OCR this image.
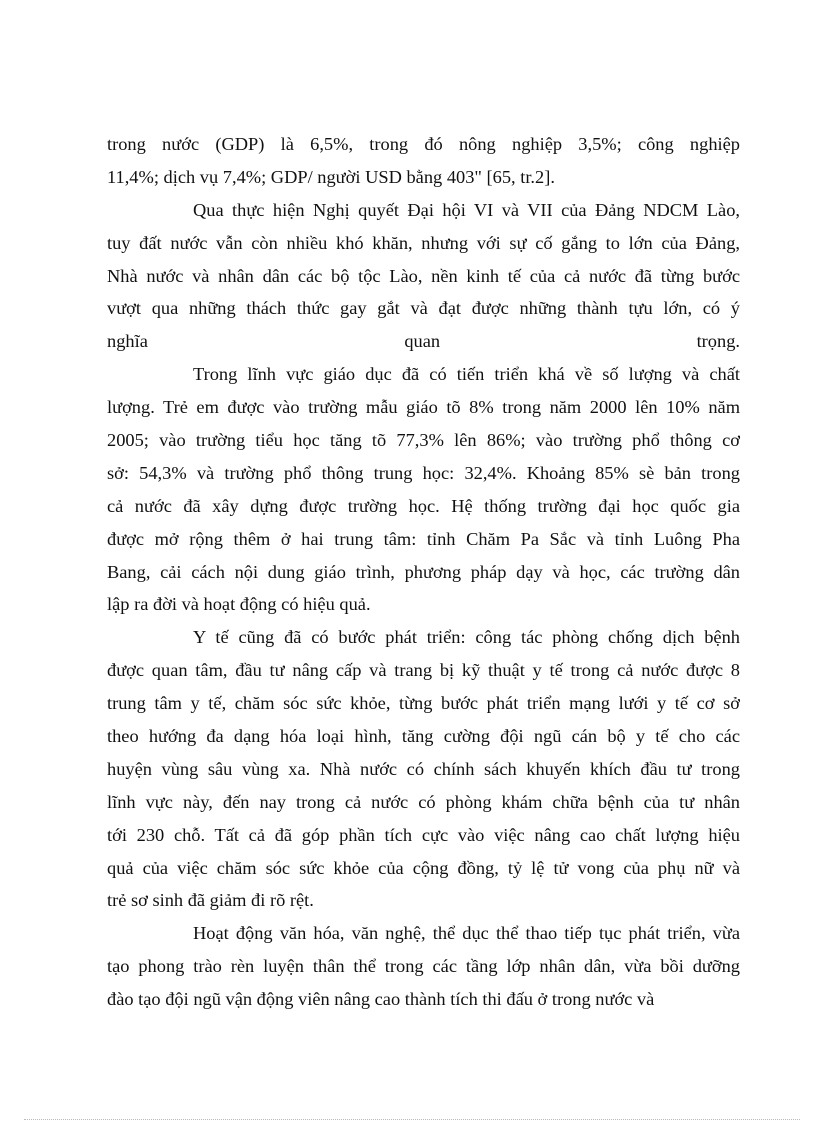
trong nước (GDP) là 6,5%, trong đó nông nghiệp 3,5%; công nghiệp
11,4%; dịch vụ 7,4%; GDP/ người USD bằng 403" [65, tr.2].
Qua thực hiện Nghị quyết Đại hội VI và VII của Đảng NDCM Lào,
tuy đất nước vẫn còn nhiều khó khăn, nhưng với sự cố gắng to lớn của Đảng,
Nhà nước và nhân dân các bộ tộc Lào, nền kinh tế của cả nước đã từng bước
vượt qua những thách thức gay gắt và đạt được những thành tựu lớn, có ý
nghĩa quan trọng.
Trong lĩnh vực giáo dục đã có tiến triển khá về số lượng và chất
lượng. Trẻ em được vào trường mẫu giáo tõ 8% trong năm 2000 lên 10% năm
2005; vào trường tiểu học tăng tõ 77,3% lên 86%; vào trường phổ thông cơ
sở: 54,3% và trường phổ thông trung học: 32,4%. Khoảng 85% sè bản trong
cả nước đã xây dựng được trường học. Hệ thống trường đại học quốc gia
được mở rộng thêm ở hai trung tâm: tỉnh Chăm Pa Sắc và tỉnh Luông Pha
Bang, cải cách nội dung giáo trình, phương pháp dạy và học, các trường dân
lập ra đời và hoạt động có hiệu quả.
Y tế cũng đã có bước phát triển: công tác phòng chống dịch bệnh
được quan tâm, đầu tư nâng cấp và trang bị kỹ thuật y tế trong cả nước được 8
trung tâm y tế, chăm sóc sức khỏe, từng bước phát triển mạng lưới y tế cơ sở
theo hướng đa dạng hóa loại hình, tăng cường đội ngũ cán bộ y tế cho các
huyện vùng sâu vùng xa. Nhà nước có chính sách khuyến khích đầu tư trong
lĩnh vực này, đến nay trong cả nước có phòng khám chữa bệnh của tư nhân
tới 230 chỗ. Tất cả đã góp phần tích cực vào việc nâng cao chất lượng hiệu
quả của việc chăm sóc sức khỏe của cộng đồng, tỷ lệ tử vong của phụ nữ và
trẻ sơ sinh đã giảm đi rõ rệt.
Hoạt động văn hóa, văn nghệ, thể dục thể thao tiếp tục phát triển, vừa
tạo phong trào rèn luyện thân thể trong các tầng lớp nhân dân, vừa bồi dưỡng
đào tạo đội ngũ vận động viên nâng cao thành tích thi đấu ở trong nước và
